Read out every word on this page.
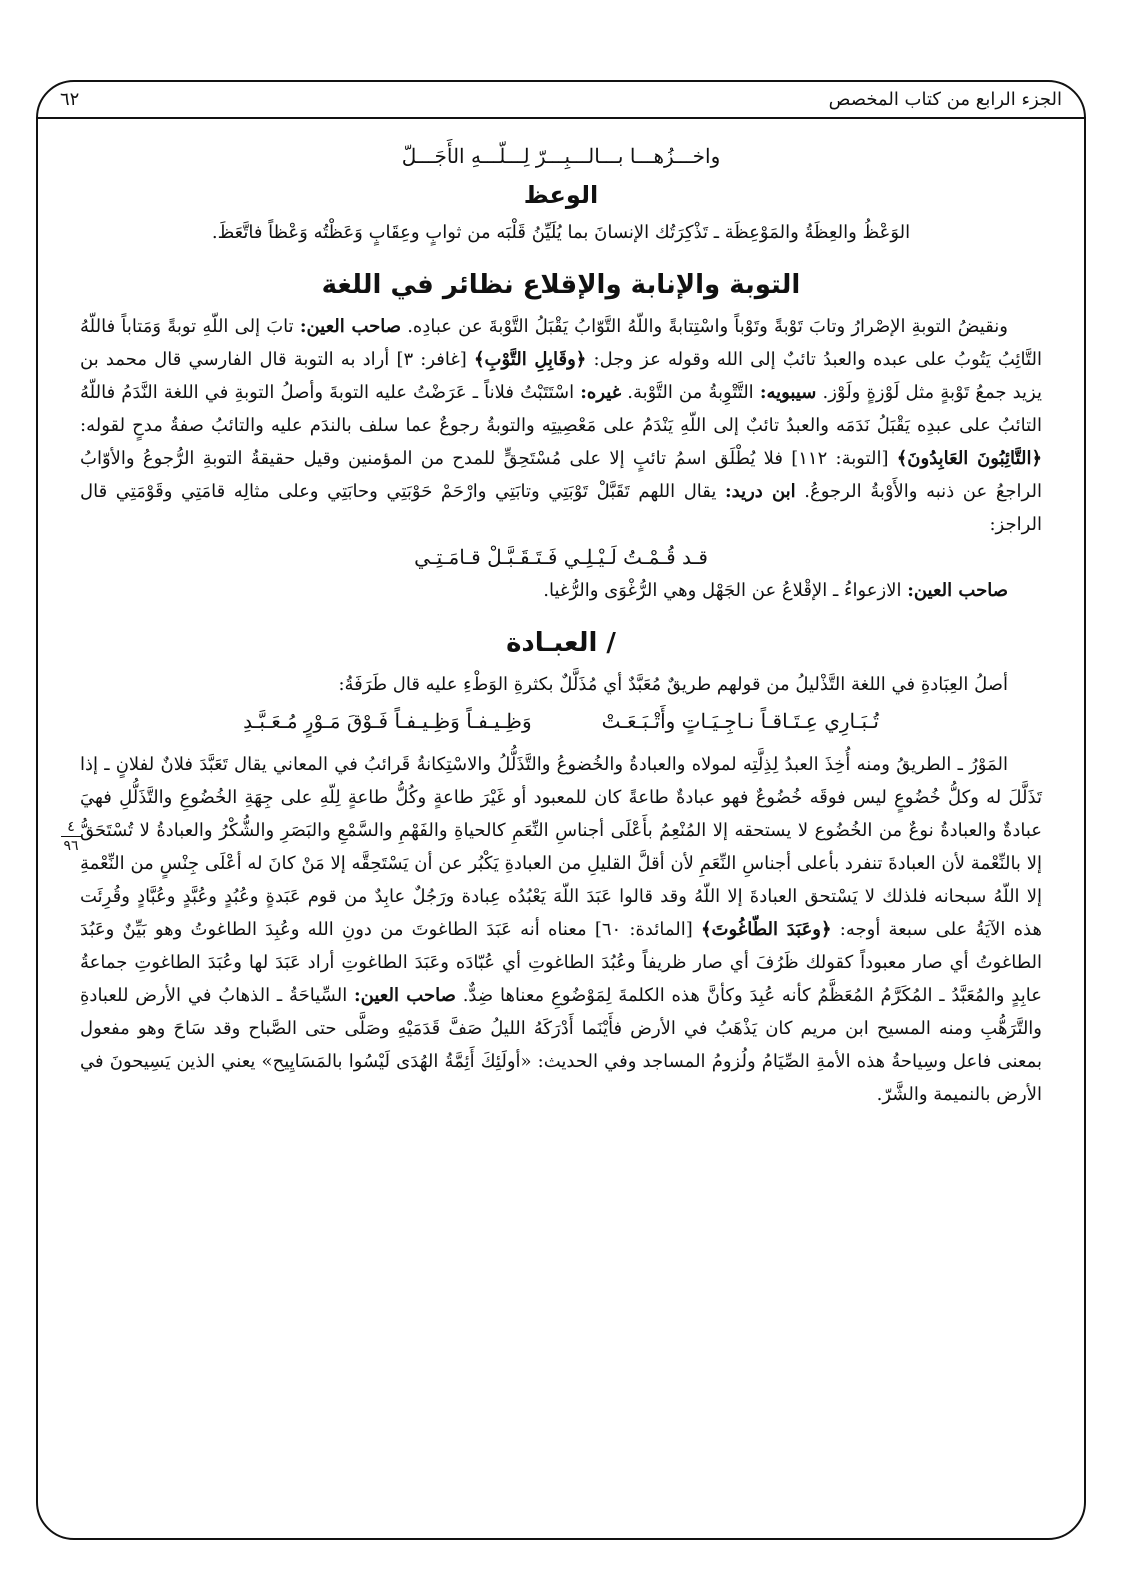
الجزء الرابع من كتاب المخصص
٦٢
٤
٩٦

واخـــزُهـــا بـــالـــبِـــرّ لِـــلّـــهِ الأَجَـــلّ

الوعظ

الوَعْظُ والعِظَةُ والمَوْعِظَة ـ تَذْكِرَتُك الإنسانَ بما يُلَيِّنُ قَلْبَه من ثوابٍ وعِقَابٍ وَعَظْتُه وَعْظاً فاتَّعَظَ.

التوبة والإنابة والإقلاع نظائر في اللغة

ونقيضُ التوبةِ الإصْرارُ وتابَ تَوْبةً وتَوْباً واسْتِتابةً واللّهُ التَّوّابُ يَقْبَلُ التَّوْبةَ عن عبادِه. صاحب العين: تابَ إلى اللّهِ توبةً وَمَتاباً فاللّهُ التَّائِبُ يَتُوبُ على عبده والعبدُ تائبٌ إلى الله وقوله عز وجل: ﴿وقَابِلِ التَّوْبِ﴾ [غافر: ٣] أراد به التوبة قال الفارسي قال محمد بن يزيد جمعُ تَوْبةٍ مثل لَوْزةٍ ولَوْز. سيبويه: التَّتْوِبةُ من التَّوْبة. غيره: اسْتَتَبْتُ فلاناً ـ عَرَضْتُ عليه التوبةَ وأصلُ التوبةِ في اللغة النَّدَمُ فاللّهُ التائبُ على عبدِه يَقْبَلُ نَدَمَه والعبدُ تائبٌ إلى اللّهِ يَنْدَمُ على مَعْصِيتِه والتوبةُ رجوعٌ عما سلف بالندَم عليه والتائبُ صفةُ مدحٍ لقوله: ﴿التَّائِبُونَ العَابِدُونَ﴾ [التوبة: ١١٢] فلا يُطْلَق اسمُ تائبٍ إلا على مُسْتَحِقٍّ للمدح من المؤمنين وقيل حقيقةُ التوبةِ الرُّجوعُ والأوّابُ الراجعُ عن ذنبه والأَوْبةُ الرجوعُ. ابن دريد: يقال اللهم تَقَبَّلْ تَوْبَتِي وتابَتِي وارْحَمْ حَوْبَتِي وحابَتِي وعلى مثالِه قامَتِي وقَوْمَتِي قال الراجز:

قـد قُـمْـتُ لَـيْـلِـي فَـتَـقَـبَّـلْ قـامَـتِـي

صاحب العين: الازعواءُ ـ الإقْلاعُ عن الجَهْل وهي الرُّغْوَى والرُّغيا.

/ العبـادة

أصلُ العِبَادةِ في اللغة التَّذْليلُ من قولهم طريقٌ مُعَبَّدٌ أي مُذَلَّلٌ بكثرةِ الوَطْءِ عليه قال طَرَفَةُ:

تُـبَـارِي عِـتَـاقـاً نـاجِـيَـاتٍ وأَتْـبَـعَـتْ
وَظِـيـفـاً وَظِـيـفـاً فَـوْقَ مَـوْرٍ مُـعَـبَّـدِ

المَوْرُ ـ الطريقُ ومنه أُخِذَ العبدُ لِذِلَّتِه لمولاه والعبادةُ والخُضوعُ والتَّذَلُّلُ والاسْتِكانةُ قَرائبُ في المعاني يقال تَعَبَّدَ فلانٌ لفلانٍ ـ إذا تَذَلَّلَ له وكلُّ خُضُوعٍ ليس فوقَه خُضُوعٌ فهو عبادةٌ طاعةً كان للمعبود أو غَيْرَ طاعةٍ وكُلُّ طاعةٍ لِلّهِ على جِهَةِ الخُضُوعِ والتَّذَلُّلِ فهيَ عبادةٌ والعبادةُ نوعٌ من الخُضُوع لا يستحقه إلا المُنْعِمُ بأَعْلَى أجناسِ النِّعَمِ كالحياةِ والفَهْمِ والسَّمْعِ والبَصَرِ والشُّكْرُ والعبادةُ لا تُسْتَحَقُّ إلا بالنِّعْمة لأن العبادةَ تنفرد بأعلى أجناسِ النِّعَمِ لأن أقلَّ القليلِ من العبادةِ يَكْبُر عن أن يَسْتَحِقَّه إلا مَنْ كانَ له أعْلَى جِنْسٍ من النِّعْمةِ إلا اللّهُ سبحانه فلذلك لا يَسْتحق العبادةَ إلا اللّهُ وقد قالوا عَبَدَ اللّهَ يَعْبُدُه عِبادة ورَجُلٌ عابِدٌ من قوم عَبَدةٍ وعُبُدٍ وعُبَّدٍ وعُبَّادٍ وقُرِئَت هذه الآيَةُ على سبعة أوجه: ﴿وعَبَدَ الطّاغُوتَ﴾ [المائدة: ٦٠] معناه أنه عَبَدَ الطاغوتَ من دونِ الله وعُبِدَ الطاغوتُ وهو بَيِّنٌ وعَبُدَ الطاغوتُ أي صار معبوداً كقولك ظَرُفَ أي صار ظريفاً وعُبُدَ الطاغوتِ أي عُبّادَه وعَبَدَ الطاغوتِ أراد عَبَدَ لها وعُبَدَ الطاغوتِ جماعةُ عابِدٍ والمُعَبَّدُ ـ المُكَرَّمُ المُعَظَّمُ كأنه عُبِدَ وكأنَّ هذه الكلمةَ لِمَوْضُوعِ معناها ضِدٌّ. صاحب العين: السِّياحَةُ ـ الذهابُ في الأرض للعبادةِ والتَّرَهُّبِ ومنه المسيح ابن مريم كان يَذْهَبُ في الأرض فأَيْنَما أَدْرَكَهُ الليلُ صَفَّ قَدَمَيْهِ وصَلَّى حتى الصَّباح وقد سَاحَ وهو مفعول بمعنى فاعل وسِياحةُ هذه الأمةِ الصِّيَامُ ولُزومُ المساجد وفي الحديث: «أولَئِكَ أَئِمَّةُ الهُدَى لَيْسُوا بالمَسَايِيح» يعني الذين يَسِيحونَ في الأرض بالنميمة والشَّرّ.
